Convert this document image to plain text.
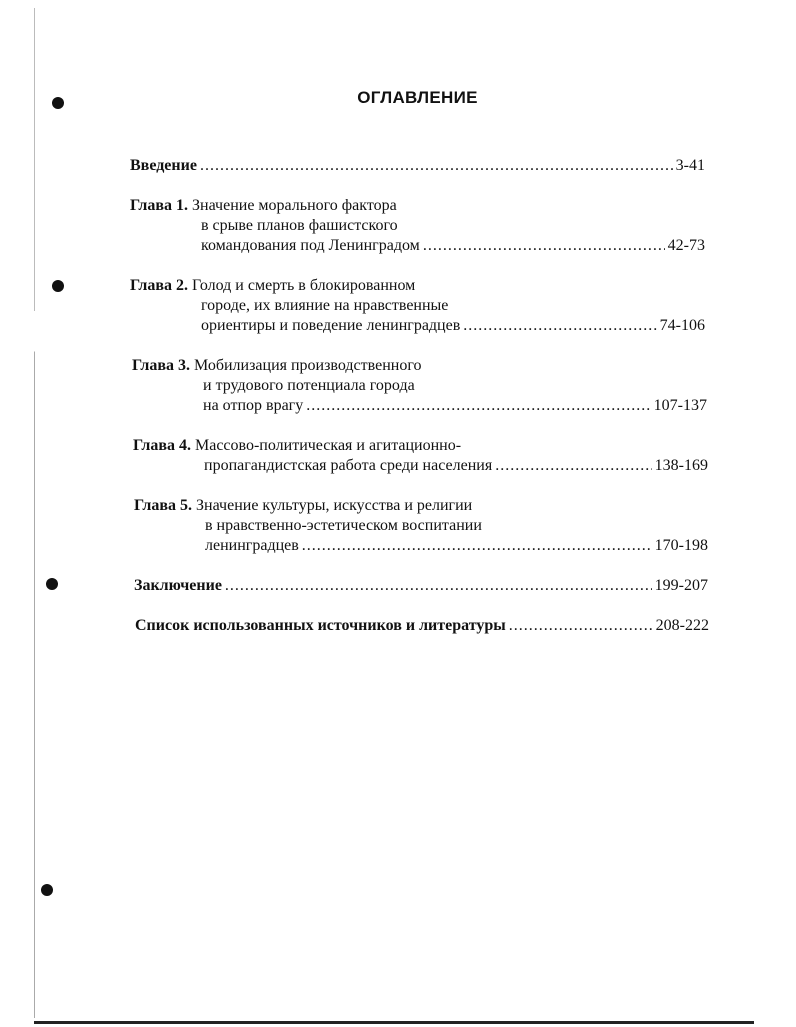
ОГЛАВЛЕНИЕ
Введение .....	3-41
Глава 1.
Значение морального фактора
в срыве планов фашистского
командования под Ленинградом .....	42-73
Глава 2.
Голод и смерть в блокированном
городе, их влияние на нравственные
ориентиры и поведение ленинградцев .....	74-106
Глава 3.
Мобилизация производственного
и трудового потенциала города
на отпор врагу .....	107-137
Глава 4.
Массово-политическая и агитационно-
пропагандистская работа среди населения .....	138-169
Глава 5.
Значение культуры, искусства и религии
в нравственно-эстетическом воспитании
ленинградцев .....	170-198
Заключение .....	199-207
Список использованных источников и литературы .....	208-222
